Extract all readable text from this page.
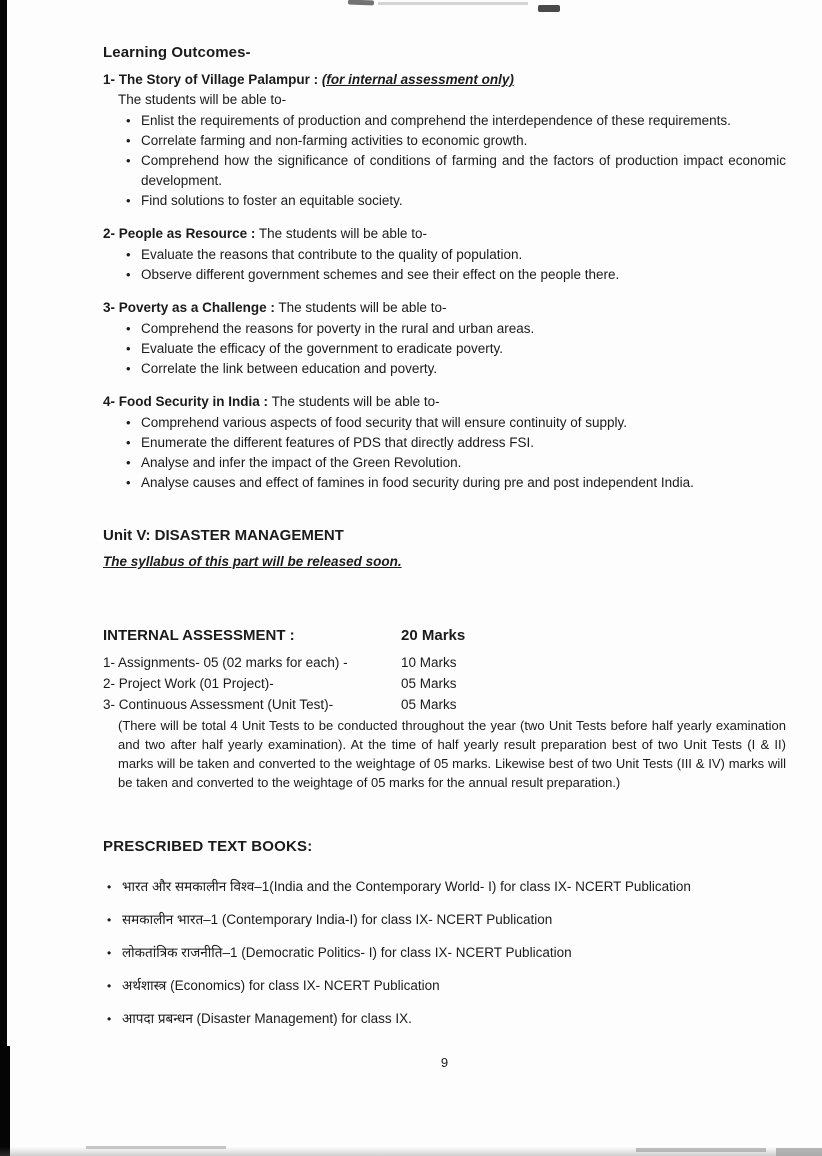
Learning Outcomes-
1- The Story of Village Palampur : (for internal assessment only)
The students will be able to-
• Enlist the requirements of production and comprehend the interdependence of these requirements.
• Correlate farming and non-farming activities to economic growth.
• Comprehend how the significance of conditions of farming and the factors of production impact economic development.
• Find solutions to foster an equitable society.
2- People as Resource : The students will be able to-
• Evaluate the reasons that contribute to the quality of population.
• Observe different government schemes and see their effect on the people there.
3- Poverty as a Challenge : The students will be able to-
• Comprehend the reasons for poverty in the rural and urban areas.
• Evaluate the efficacy of the government to eradicate poverty.
• Correlate the link between education and poverty.
4- Food Security in India : The students will be able to-
• Comprehend various aspects of food security that will ensure continuity of supply.
• Enumerate the different features of PDS that directly address FSI.
• Analyse and infer the impact of the Green Revolution.
• Analyse causes and effect of famines in food security during pre and post independent India.
Unit V: DISASTER MANAGEMENT
The syllabus of this part will be released soon.
INTERNAL ASSESSMENT :	20 Marks
1- Assignments- 05 (02 marks for each) -	10 Marks
2- Project Work (01 Project)-	05 Marks
3- Continuous Assessment (Unit Test)-	05 Marks
(There will be total 4 Unit Tests to be conducted throughout the year (two Unit Tests before half yearly examination and two after half yearly examination). At the time of half yearly result preparation best of two Unit Tests (I & II) marks will be taken and converted to the weightage of 05 marks. Likewise best of two Unit Tests (III & IV) marks will be taken and converted to the weightage of 05 marks for the annual result preparation.)
PRESCRIBED TEXT BOOKS:
• भारत और समकालीन विश्व–1(India and the Contemporary World- I) for class IX- NCERT Publication
• समकालीन भारत–1 (Contemporary India-I) for class IX- NCERT Publication
• लोकतांत्रिक राजनीति–1 (Democratic Politics- I) for class IX- NCERT Publication
• अर्थशास्त्र (Economics) for class IX- NCERT Publication
• आपदा प्रबन्धन (Disaster Management) for class IX.
9
